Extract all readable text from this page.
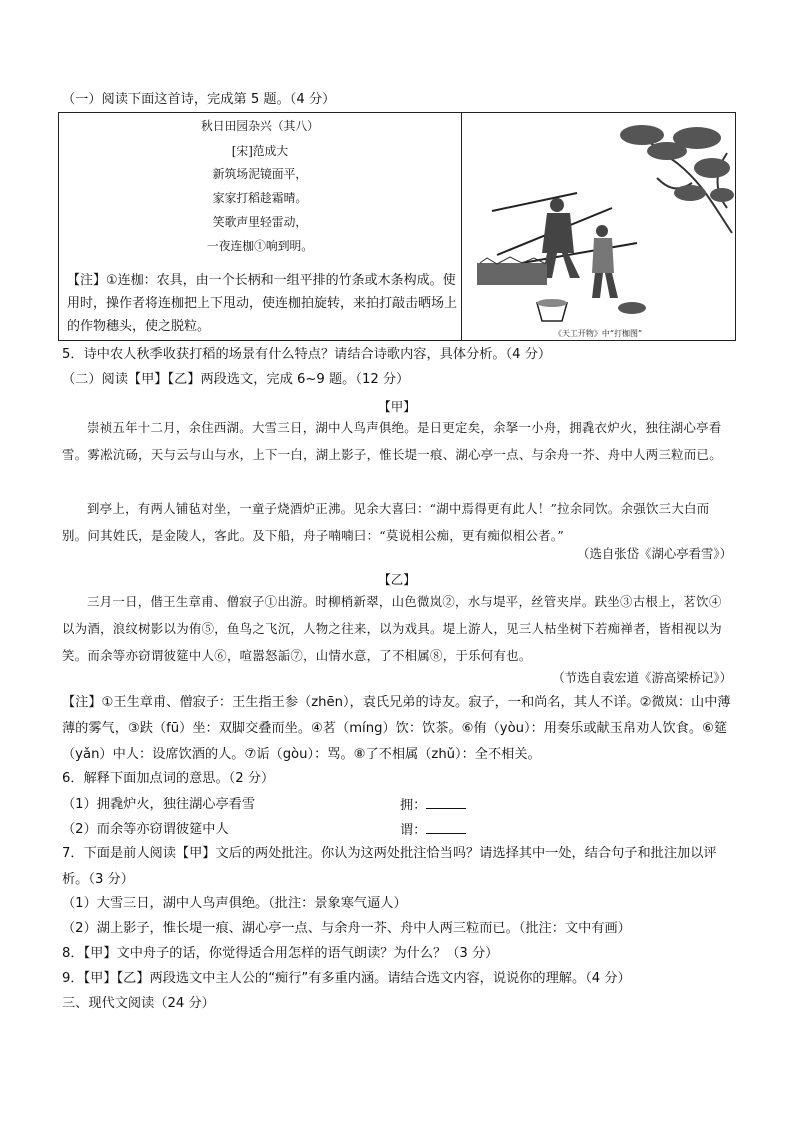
（一）阅读下面这首诗，完成第 5 题。（4 分）
秋日田园杂兴（其八）
[宋]范成大
新筑场泥镜面平，
家家打稻趁霜晴。
笑歌声里轻雷动，
一夜连枷①响到明。
【注】①连枷：农具，由一个长柄和一组平排的竹条或木条构成。使用时，操作者将连枷把上下甩动，使连枷拍旋转，来拍打敲击晒场上的作物穗头，使之脱粒。	《天工开物》中“打枷图”
5．诗中农人秋季收获打稻的场景有什么特点？请结合诗歌内容，具体分析。（4 分）
（二）阅读【甲】【乙】两段选文，完成 6~9 题。（12 分）
【甲】
崇祯五年十二月，余住西湖。大雪三日，湖中人鸟声俱绝。是日更定矣，余拏一小舟，拥毳衣炉火，独往湖心亭看雪。雾凇沆砀，天与云与山与水，上下一白，湖上影子，惟长堤一痕、湖心亭一点、与余舟一芥、舟中人两三粒而已。
到亭上，有两人铺毡对坐，一童子烧酒炉正沸。见余大喜曰：“湖中焉得更有此人！”拉余同饮。余强饮三大白而别。问其姓氏，是金陵人，客此。及下船，舟子喃喃曰：“莫说相公痴，更有痴似相公者。”
（选自张岱《湖心亭看雪》）
【乙】
三月一日，偕王生章甫、僧寂子①出游。时柳梢新翠，山色微岚②，水与堤平，丝管夹岸。趺坐③古根上，茗饮④以为酒，浪纹树影以为侑⑤，鱼鸟之飞沉，人物之往来，以为戏具。堤上游人，见三人枯坐树下若痴禅者，皆相视以为笑。而余等亦窃谓彼筵中人⑥，喧嚣怒詬⑦，山情水意，了不相属⑧，于乐何有也。
（节选自袁宏道《游高梁桥记》）
【注】①王生章甫、僧寂子：王生指王参（zhēn），袁氏兄弟的诗友。寂子，一和尚名，其人不详。②微岚：山中薄薄的雾气，③趺（fū）坐：双脚交叠而坐。④茗（míng）饮：饮茶。⑥侑（yòu）：用奏乐或献玉帛劝人饮食。⑥筵（yǎn）中人：设席饮酒的人。⑦诟（gòu）：骂。⑧了不相属（zhǔ）：全不相关。
6．解释下面加点词的意思。（2 分）
（1）拥毳炉火，独往湖心亭看雪	拥：
（2）而余等亦窃谓彼筵中人	谓：
7．下面是前人阅读【甲】文后的两处批注。你认为这两处批注恰当吗？请选择其中一处，结合句子和批注加以评析。（3 分）
（1）大雪三日，湖中人鸟声俱绝。（批注：景象寒气逼人）
（2）湖上影子，惟长堤一痕、湖心亭一点、与余舟一芥、舟中人两三粒而已。（批注：文中有画）
8．【甲】文中舟子的话，你觉得适合用怎样的语气朗读？为什么？（3 分）
9．【甲】【乙】两段选文中主人公的“痴行”有多重内涵。请结合选文内容，说说你的理解。（4 分）
三、现代文阅读（24 分）
